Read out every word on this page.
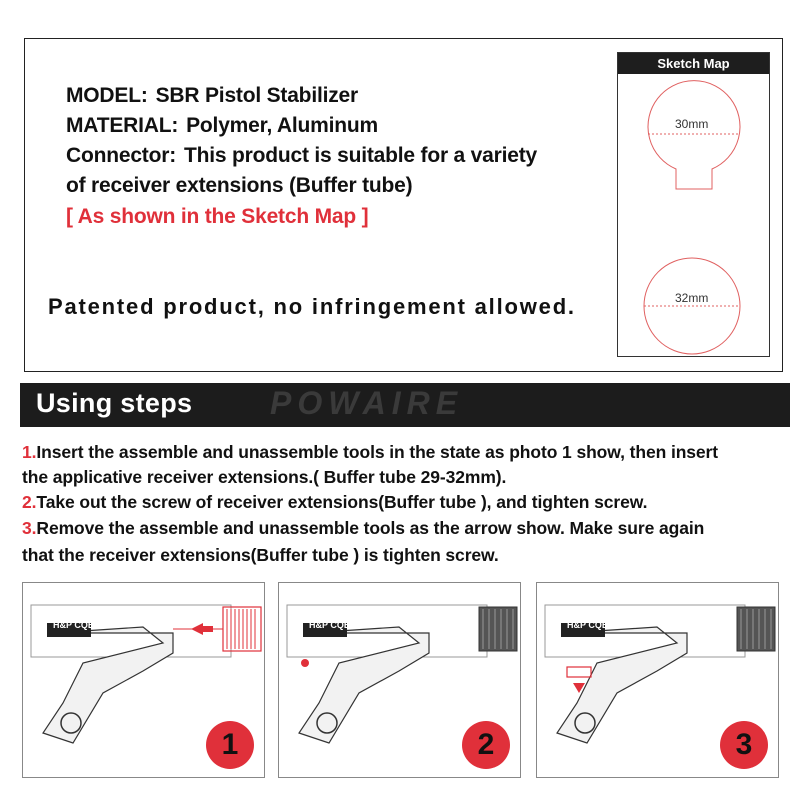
MODEL: SBR Pistol Stabilizer
MATERIAL: Polymer, Aluminum
Connector: This product is suitable for a variety
of receiver extensions (Buffer tube)
[ As shown in the Sketch Map ]
Patented product, no infringement allowed.
Sketch Map
30mm
32mm
Using steps POWAIRE
1.Insert the assemble and unassemble tools in the state as photo 1 show, then insert
the applicative receiver extensions.( Buffer tube 29-32mm).
2.Take out the screw of receiver extensions(Buffer tube ), and tighten screw.
3.Remove the assemble and unassemble tools as the arrow show. Make sure again
that the receiver extensions(Buffer tube ) is tighten screw.
H&P CQB
1
H&P CQB
2
H&P CQB
3
